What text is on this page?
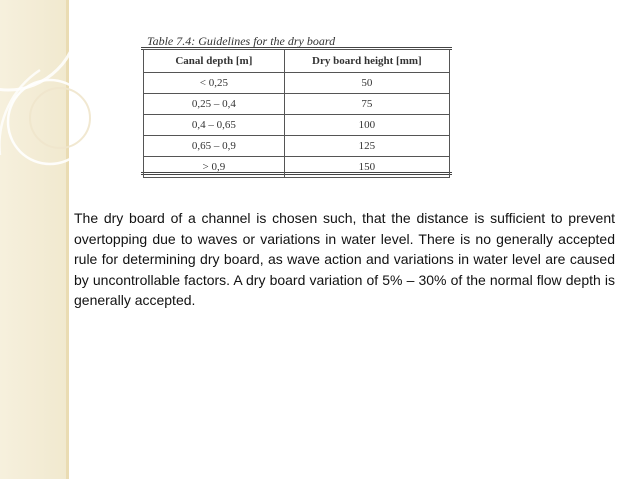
Table 7.4: Guidelines for the dry board
Canal depth [m]	Dry board height [mm]
< 0,25	50
0,25 – 0,4	75
0,4 – 0,65	100
0,65 – 0,9	125
> 0,9	150

The dry board of a channel is chosen such, that the distance is sufficient to prevent overtopping due to waves or variations in water level. There is no generally accepted rule for determining dry board, as wave action and variations in water level are caused by uncontrollable factors. A dry board variation of 5% – 30% of the normal flow depth is generally accepted.
